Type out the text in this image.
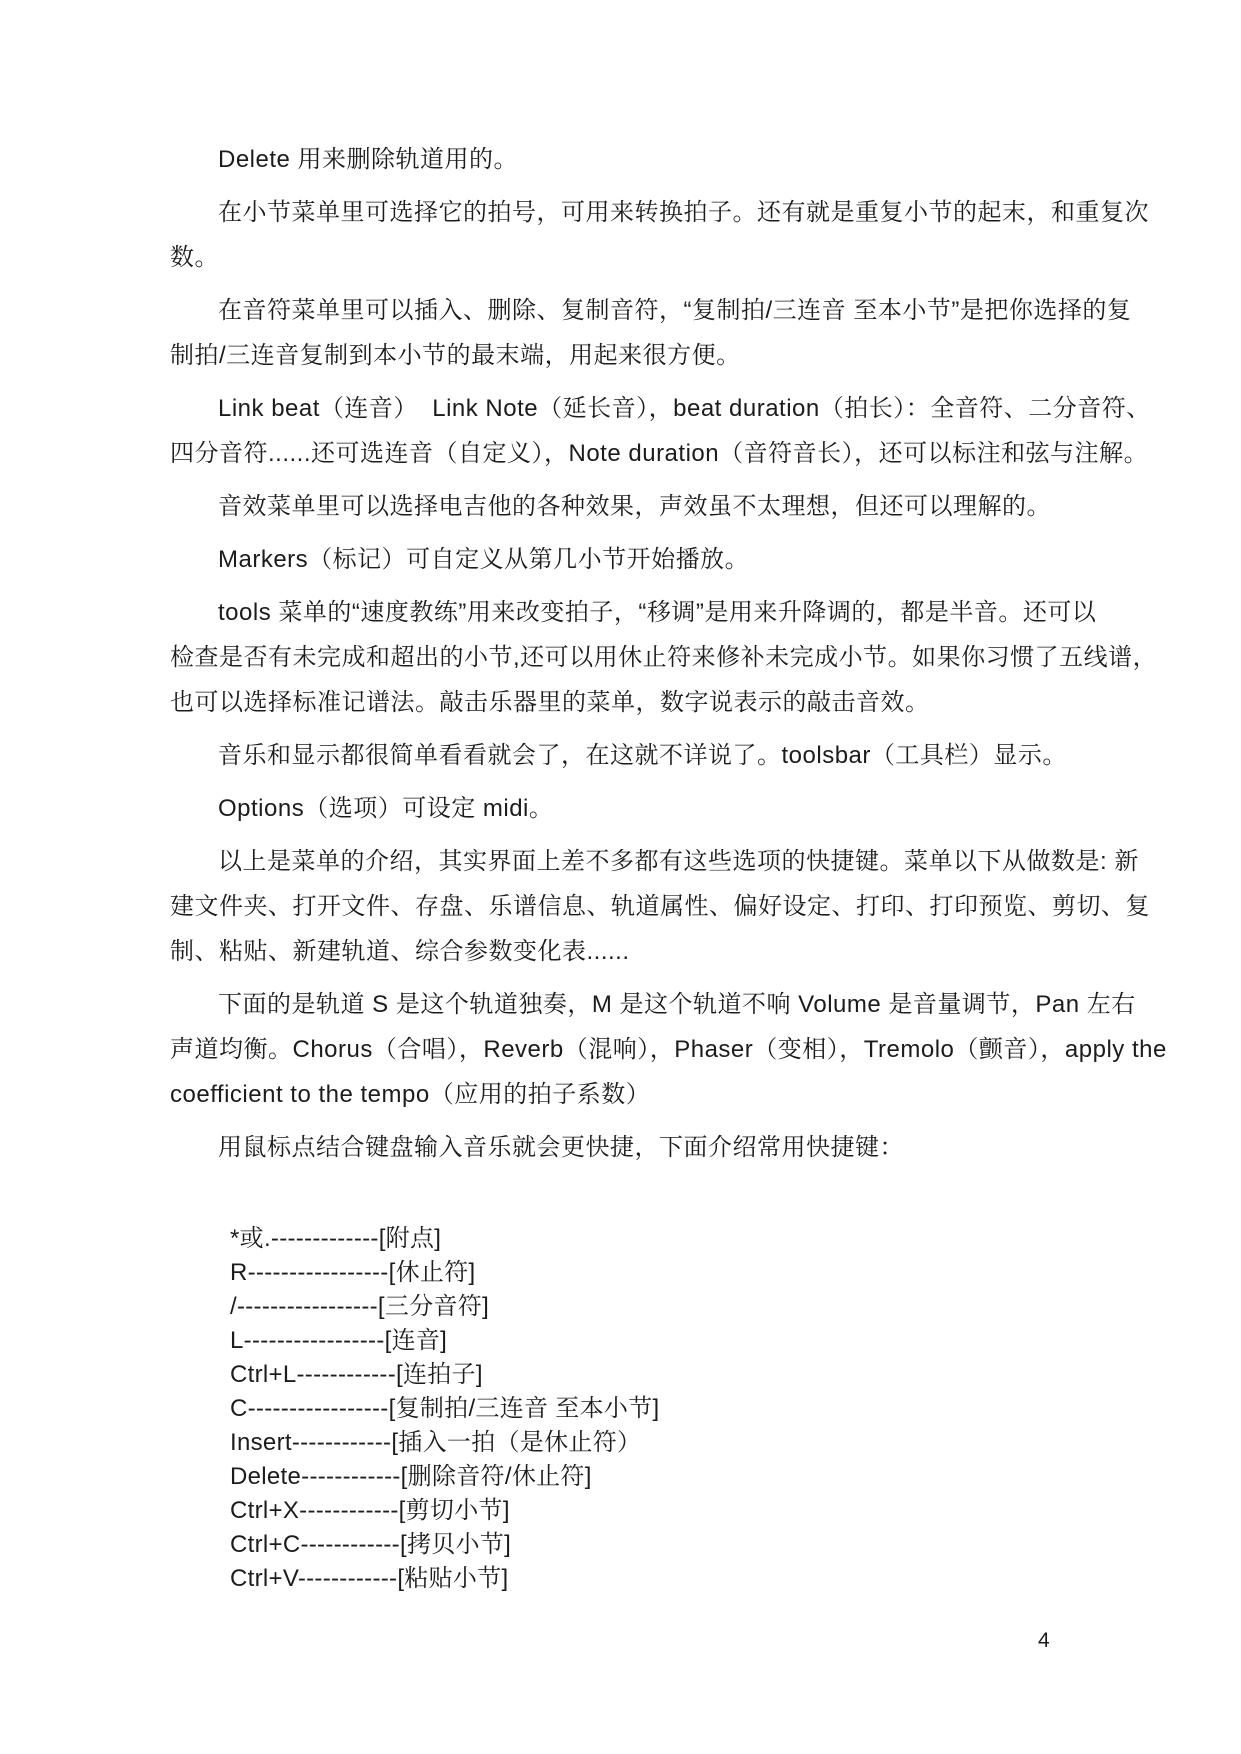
Delete 用来删除轨道用的。
在小节菜单里可选择它的拍号，可用来转换拍子。还有就是重复小节的起末，和重复次
数。
在音符菜单里可以插入、删除、复制音符，“复制拍/三连音 至本小节”是把你选择的复
制拍/三连音复制到本小节的最末端，用起来很方便。
Link beat（连音）  Link Note（延长音），beat duration（拍长）：全音符、二分音符、
四分音符......还可选连音（自定义），Note duration（音符音长），还可以标注和弦与注解。
音效菜单里可以选择电吉他的各种效果，声效虽不太理想，但还可以理解的。
Markers（标记）可自定义从第几小节开始播放。
tools 菜单的“速度教练”用来改变拍子，“移调”是用来升降调的，都是半音。还可以
检查是否有未完成和超出的小节,还可以用休止符来修补未完成小节。如果你习惯了五线谱，
也可以选择标准记谱法。敲击乐器里的菜单，数字说表示的敲击音效。
音乐和显示都很简单看看就会了，在这就不详说了。toolsbar（工具栏）显示。
Options（选项）可设定 midi。
以上是菜单的介绍，其实界面上差不多都有这些选项的快捷键。菜单以下从做数是: 新
建文件夹、打开文件、存盘、乐谱信息、轨道属性、偏好设定、打印、打印预览、剪切、复
制、粘贴、新建轨道、综合参数变化表......
下面的是轨道 S 是这个轨道独奏，M 是这个轨道不响 Volume 是音量调节，Pan 左右
声道均衡。Chorus（合唱），Reverb（混响），Phaser（变相），Tremolo（颤音），apply the
coefficient to the tempo（应用的拍子系数）
用鼠标点结合键盘输入音乐就会更快捷，下面介绍常用快捷键：
*或.-------------[附点]
R-----------------[休止符]
/-----------------[三分音符]
L-----------------[连音]
Ctrl+L------------[连拍子]
C-----------------[复制拍/三连音 至本小节]
Insert------------[插入一拍（是休止符）
Delete------------[删除音符/休止符]
Ctrl+X------------[剪切小节]
Ctrl+C------------[拷贝小节]
Ctrl+V------------[粘贴小节]
4
